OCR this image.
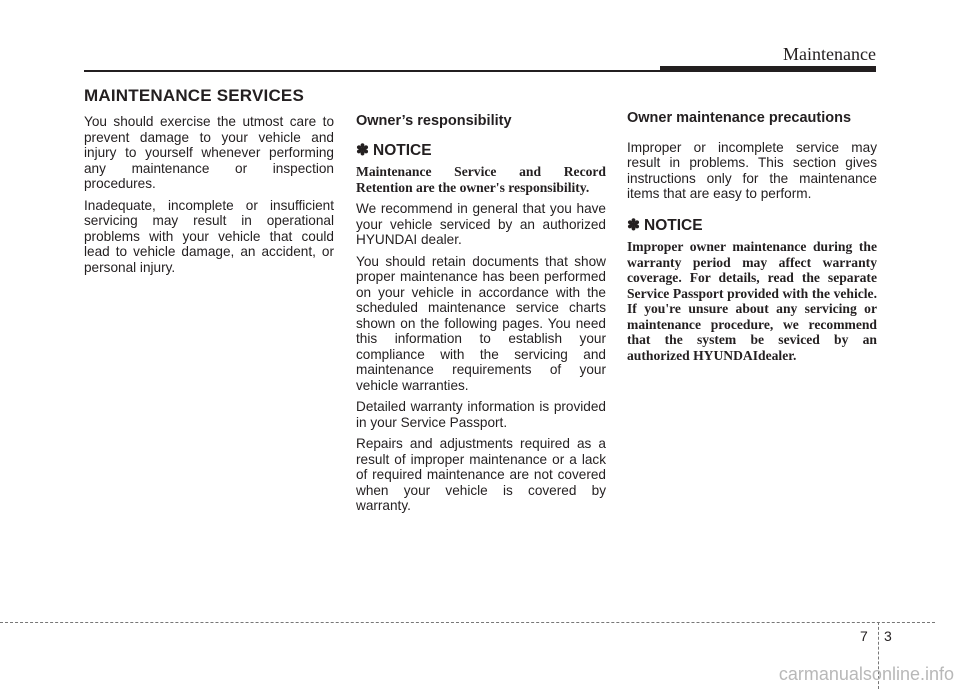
Maintenance
MAINTENANCE SERVICES

You should exercise the utmost care to prevent damage to your vehicle and injury to yourself whenever performing any maintenance or inspection procedures.

Inadequate, incomplete or insufficient servicing may result in operational problems with your vehicle that could lead to vehicle damage, an accident, or personal injury.

Owner’s responsibility
✽ NOTICE

Maintenance Service and Record Retention are the owner's responsibility.

We recommend in general that you have your vehicle serviced by an authorized HYUNDAI dealer.

You should retain documents that show proper maintenance has been performed on your vehicle in accordance with the scheduled maintenance service charts shown on the following pages. You need this information to establish your compliance with the servicing and maintenance requirements of your vehicle warranties.

Detailed warranty information is provided in your Service Passport.

Repairs and adjustments required as a result of improper maintenance or a lack of required maintenance are not covered when your vehicle is covered by warranty.

Owner maintenance precautions

Improper or incomplete service may result in problems. This section gives instructions only for the maintenance items that are easy to perform.

✽ NOTICE

Improper owner maintenance during the warranty period may affect warranty coverage. For details, read the separate Service Passport provided with the vehicle. If you're unsure about any servicing or maintenance procedure, we recommend that the system be seviced by an authorized HYUNDAIdealer.

7 3
carmanualsonline.info
